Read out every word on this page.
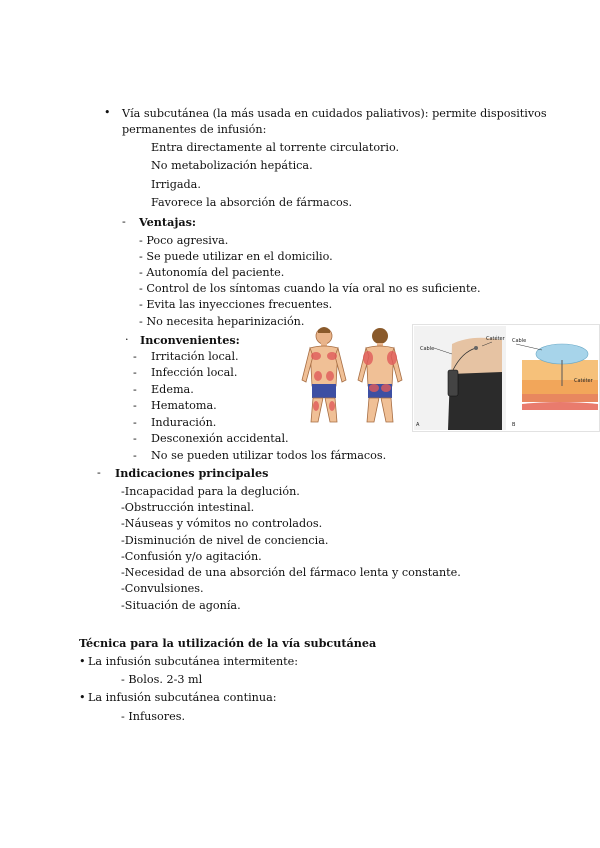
• Vía subcutánea (la más usada en cuidados paliativos): permite dispositivos
permanentes de infusión:
Entra directamente al torrente circulatorio.
No metabolización hepática.
Irrigada.
Favorece la absorción de fármacos.
- Ventajas:
- Poco agresiva.
- Se puede utilizar en el domicilio.
- Autonomía del paciente.
- Control de los síntomas cuando la vía oral no es suficiente.
- Evita las inyecciones frecuentes.
- No necesita heparinización.
· Inconvenientes:
- Irritación local.
- Infección local.
- Edema.
- Hematoma.
- Induración.
- Desconexión accidental.
- No se pueden utilizar todos los fármacos.
Cable
Catéter
A
Cable
Catéter
B
- Indicaciones principales
-Incapacidad para la deglución.
-Obstrucción intestinal.
-Náuseas y vómitos no controlados.
-Disminución de nivel de conciencia.
-Confusión y/o agitación.
-Necesidad de una absorción del fármaco lenta y constante.
-Convulsiones.
-Situación de agonía.
Técnica para la utilización de la vía subcutánea
• La infusión subcutánea intermitente:
- Bolos. 2-3 ml
• La infusión subcutánea continua:
- Infusores.
